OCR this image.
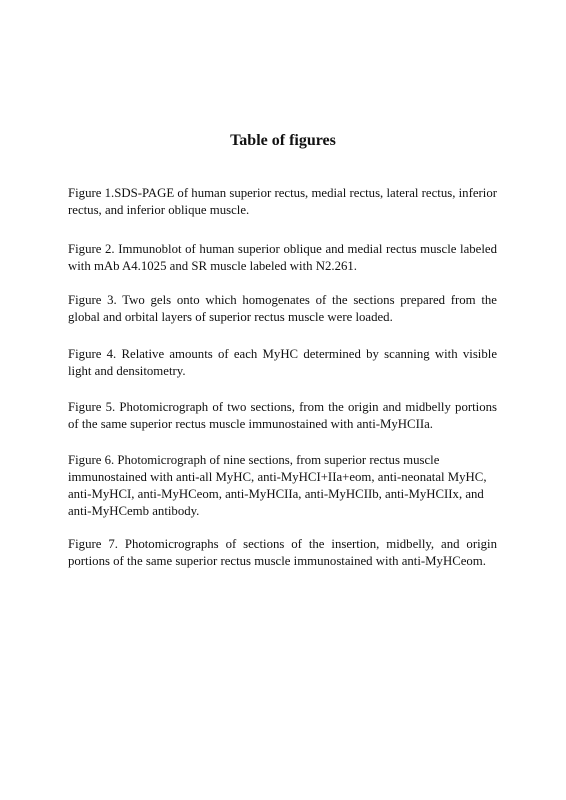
Table of figures

Figure 1.SDS-PAGE of human superior rectus, medial rectus, lateral rectus, inferior rectus, and inferior oblique muscle.

Figure 2. Immunoblot of human superior oblique and medial rectus muscle labeled with mAb A4.1025 and SR muscle labeled with N2.261.

Figure 3. Two gels onto which homogenates of the sections prepared from the global and orbital layers of superior rectus muscle were loaded.

Figure 4. Relative amounts of each MyHC determined by scanning with visible light and densitometry.

Figure 5. Photomicrograph of two sections, from the origin and midbelly portions of the same superior rectus muscle immunostained with anti-MyHCIIa.

Figure 6. Photomicrograph of nine sections, from superior rectus muscle immunostained with anti-all MyHC, anti-MyHCI+IIa+eom, anti-neonatal MyHC, anti-MyHCI, anti-MyHCeom, anti-MyHCIIa, anti-MyHCIIb, anti-MyHCIIx, and anti-MyHCemb antibody.

Figure 7. Photomicrographs of sections of the insertion, midbelly, and origin portions of the same superior rectus muscle immunostained with anti-MyHCeom.
